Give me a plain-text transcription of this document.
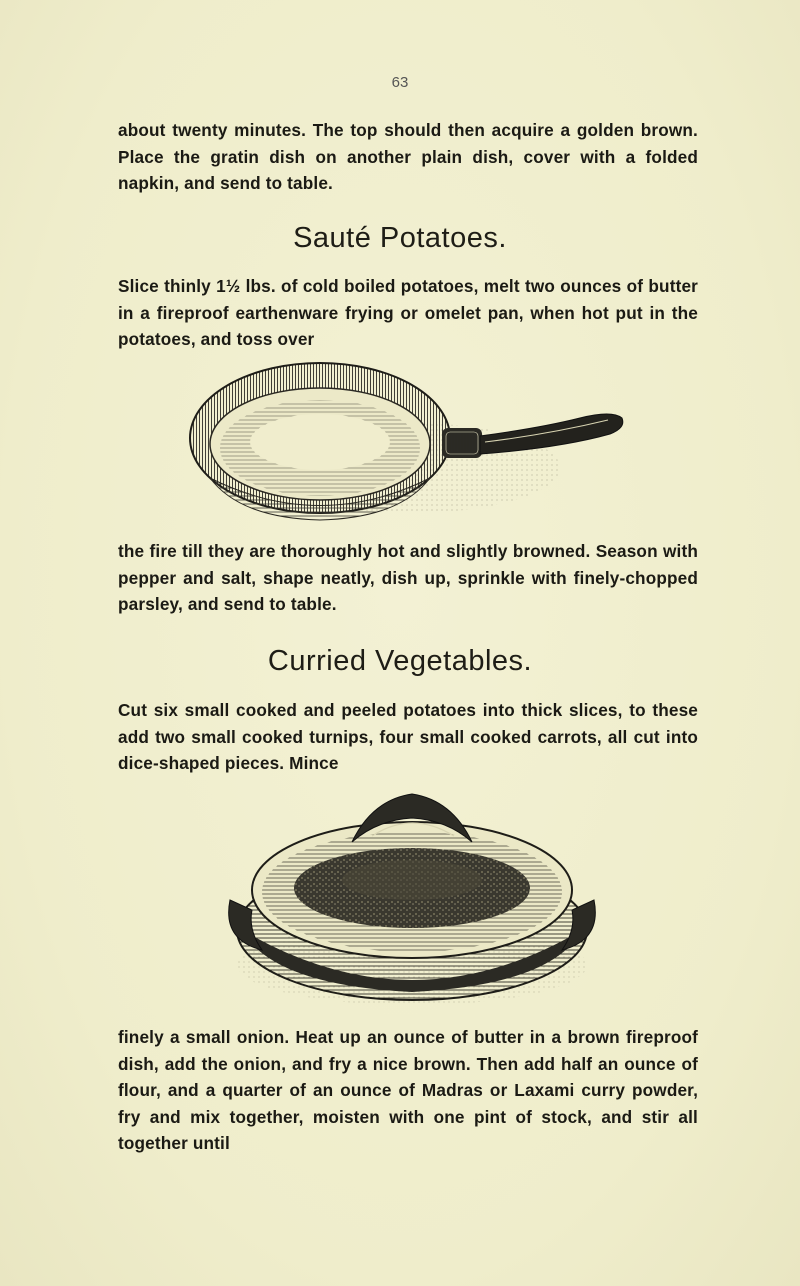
63
about twenty minutes. The top should then acquire a golden brown. Place the gratin dish on another plain dish, cover with a folded napkin, and send to table.
Sauté Potatoes.
Slice thinly 1½ lbs. of cold boiled potatoes, melt two ounces of butter in a fireproof earthenware frying or omelet pan, when hot put in the potatoes, and toss over
the fire till they are thoroughly hot and slightly browned. Season with pepper and salt, shape neatly, dish up, sprinkle with finely-chopped parsley, and send to table.
Curried Vegetables.
Cut six small cooked and peeled potatoes into thick slices, to these add two small cooked turnips, four small cooked carrots, all cut into dice-shaped pieces. Mince
finely a small onion. Heat up an ounce of butter in a brown fireproof dish, add the onion, and fry a nice brown. Then add half an ounce of flour, and a quarter of an ounce of Madras or Laxami curry powder, fry and mix together, moisten with one pint of stock, and stir all together until
